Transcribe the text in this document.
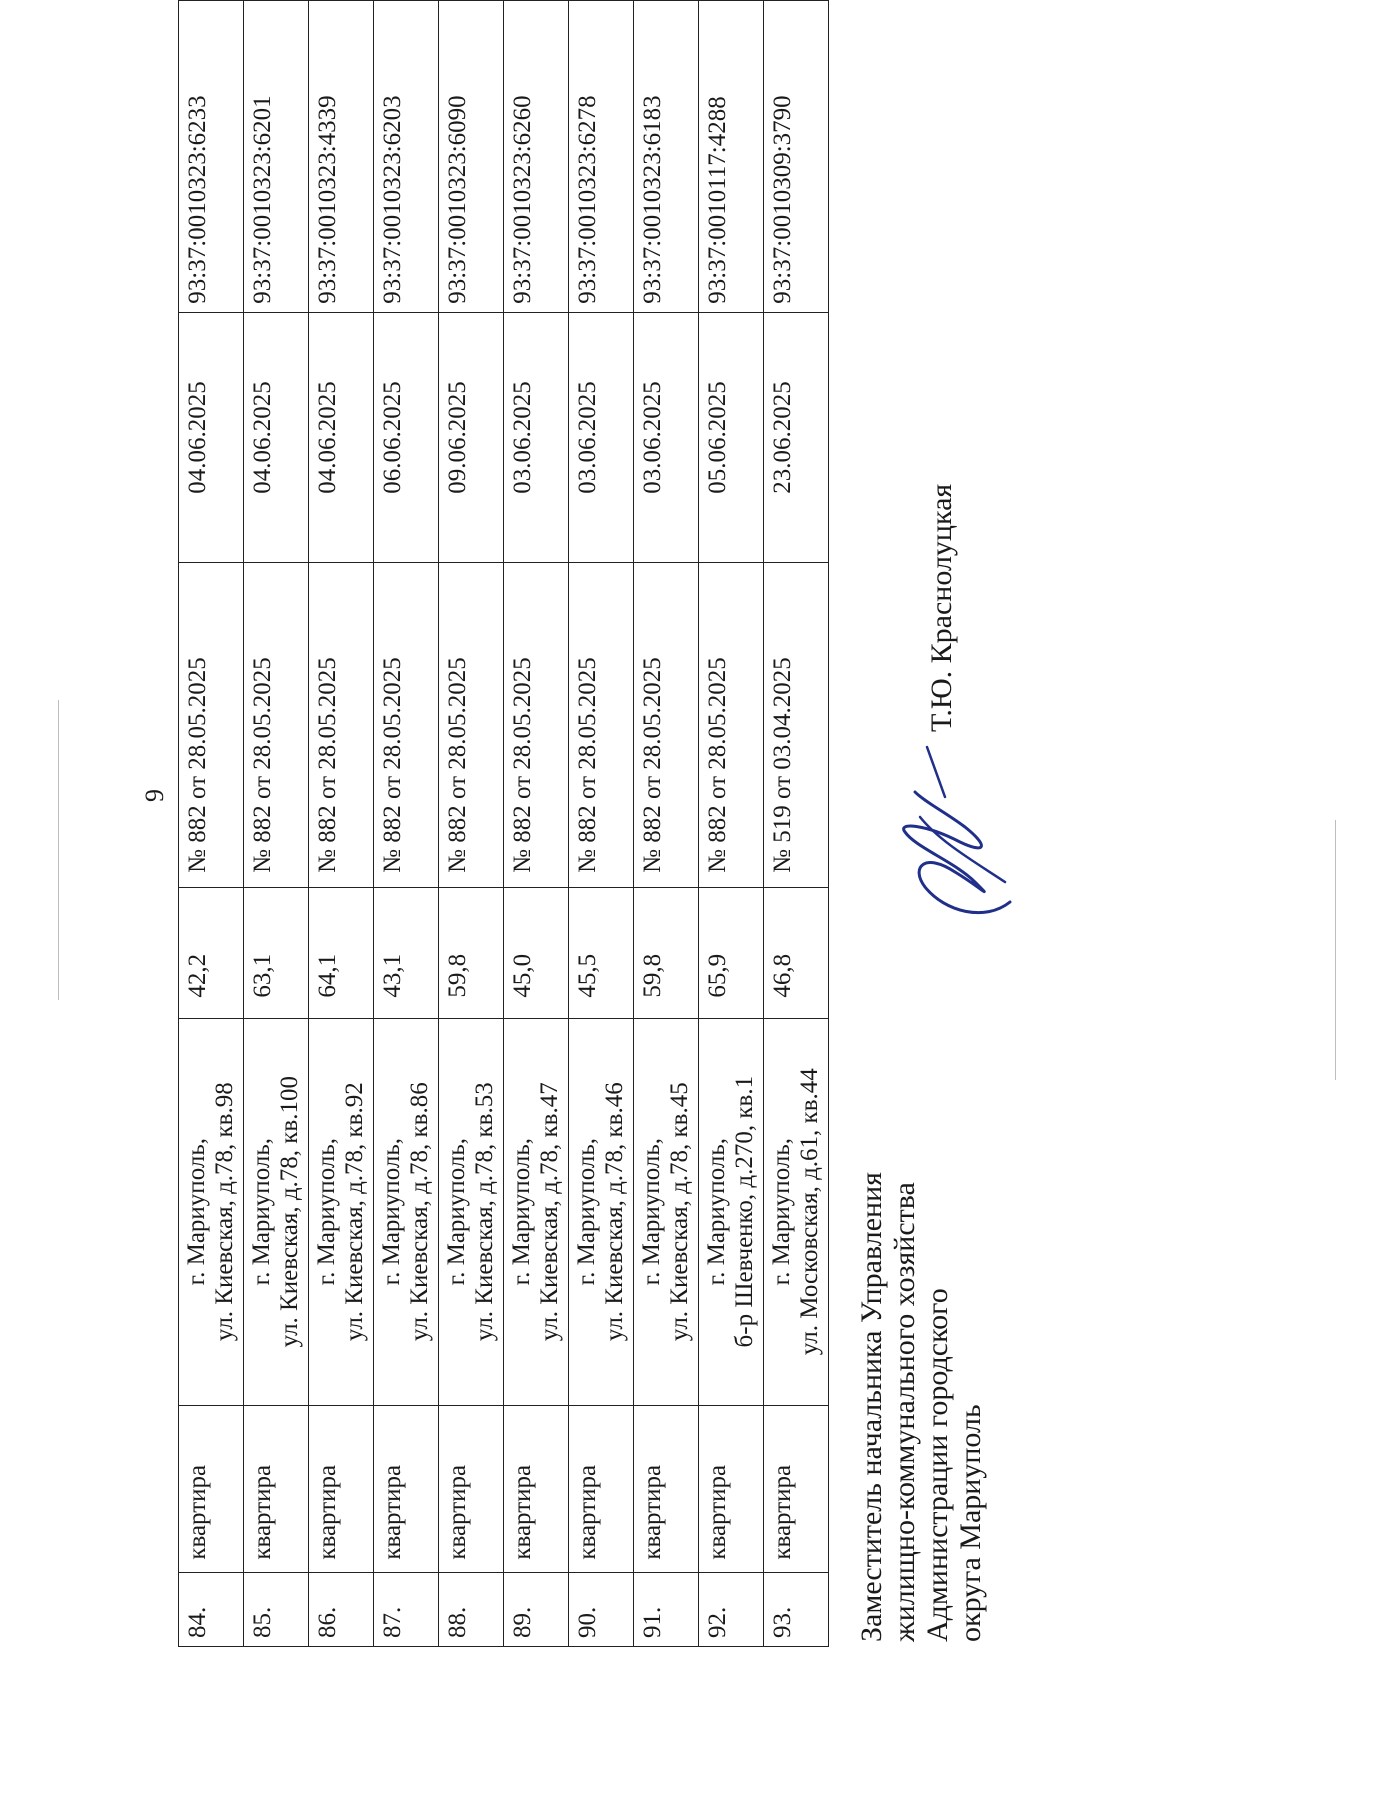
9
84.	квартира	г. Мариуполь, ул. Киевская, д.78, кв.98	42,2	№ 882 от 28.05.2025	04.06.2025	93:37:0010323:6233
85.	квартира	г. Мариуполь, ул. Киевская, д.78, кв.100	63,1	№ 882 от 28.05.2025	04.06.2025	93:37:0010323:6201
86.	квартира	г. Мариуполь, ул. Киевская, д.78, кв.92	64,1	№ 882 от 28.05.2025	04.06.2025	93:37:0010323:4339
87.	квартира	г. Мариуполь, ул. Киевская, д.78, кв.86	43,1	№ 882 от 28.05.2025	06.06.2025	93:37:0010323:6203
88.	квартира	г. Мариуполь, ул. Киевская, д.78, кв.53	59,8	№ 882 от 28.05.2025	09.06.2025	93:37:0010323:6090
89.	квартира	г. Мариуполь, ул. Киевская, д.78, кв.47	45,0	№ 882 от 28.05.2025	03.06.2025	93:37:0010323:6260
90.	квартира	г. Мариуполь, ул. Киевская, д.78, кв.46	45,5	№ 882 от 28.05.2025	03.06.2025	93:37:0010323:6278
91.	квартира	г. Мариуполь, ул. Киевская, д.78, кв.45	59,8	№ 882 от 28.05.2025	03.06.2025	93:37:0010323:6183
92.	квартира	г. Мариуполь, б-р Шевченко, д.270, кв.1	65,9	№ 882 от 28.05.2025	05.06.2025	93:37:0010117:4288
93.	квартира	г. Мариуполь, ул. Московская, д.61, кв.44	46,8	№ 519 от 03.04.2025	23.06.2025	93:37:0010309:3790
Заместитель начальника Управления жилищно-коммунального хозяйства Администрации городского округа Мариуполь
Т.Ю. Краснолуцкая
